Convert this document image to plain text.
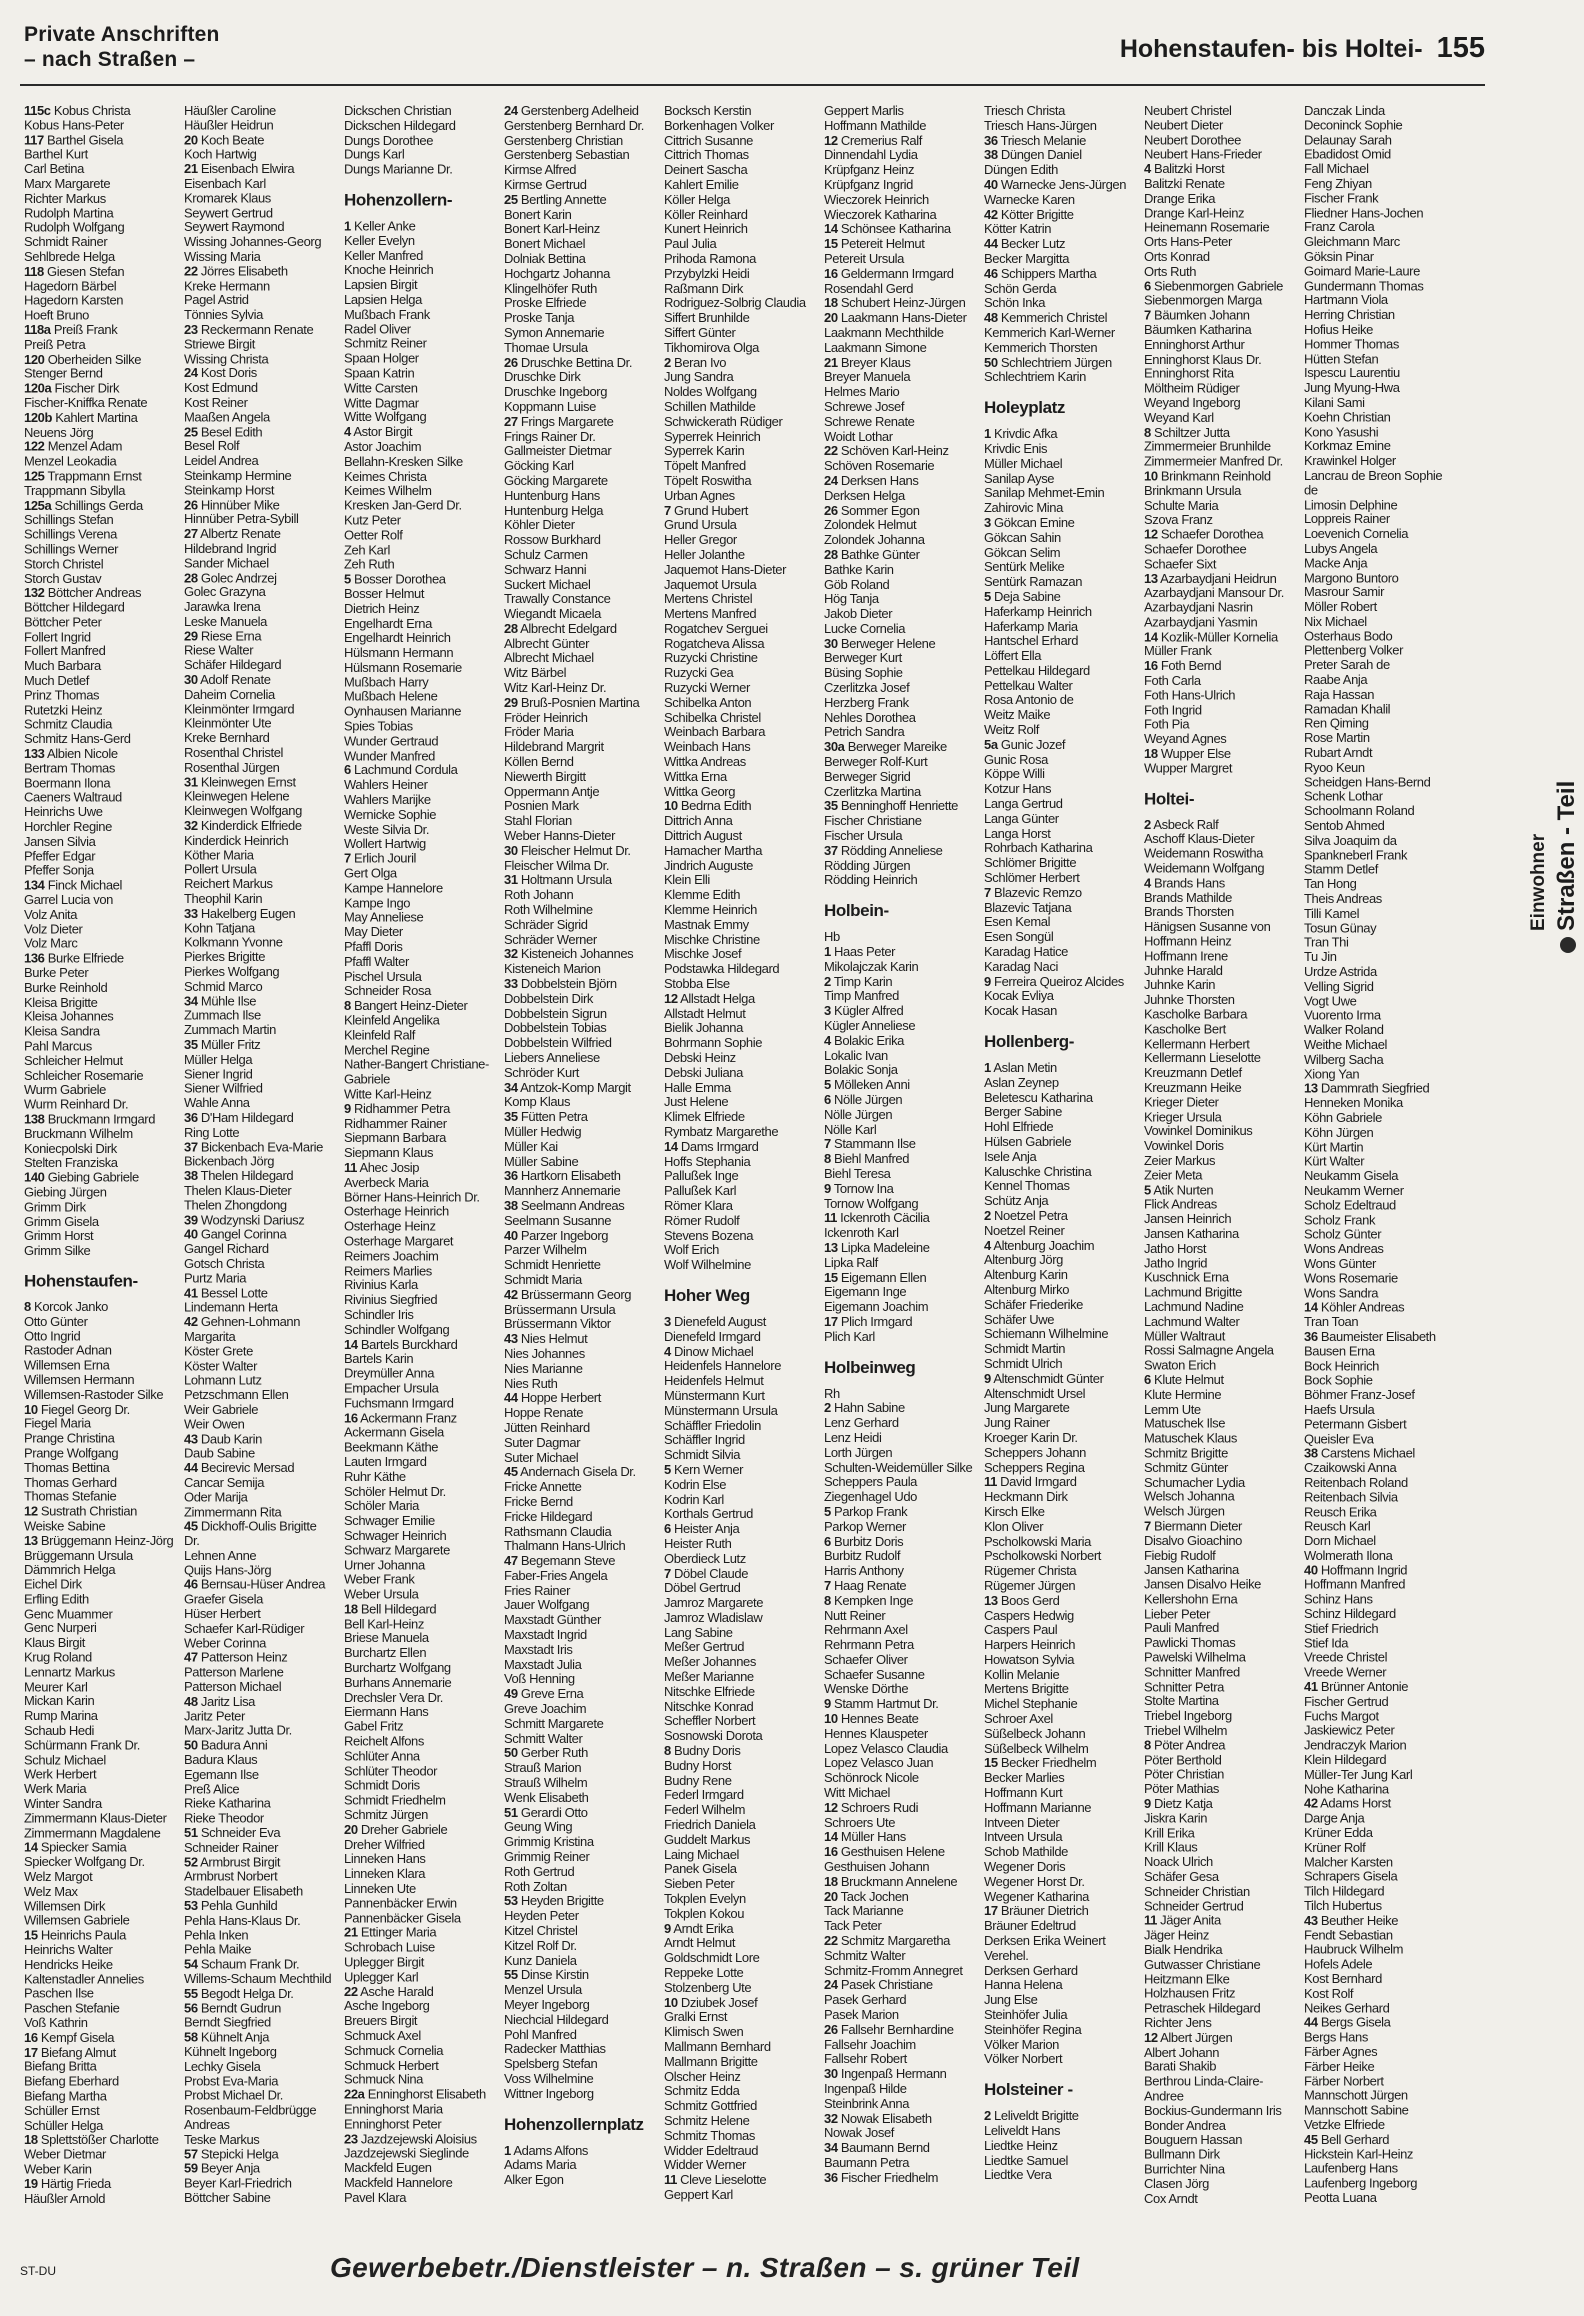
Private Anschriften
– nach Straßen –	Hohenstaufen- bis Holtei- 155
115c Kobus Christa
Kobus Hans-Peter
117 Barthel Gisela
Barthel Kurt
Carl Betina
Marx Margarete
Richter Markus
Rudolph Martina
Rudolph Wolfgang
Schmidt Rainer
Sehlbrede Helga
118 Giesen Stefan
Hagedorn Bärbel
Hagedorn Karsten
Hoeft Bruno
118a Preiß Frank
Preiß Petra
120 Oberheiden Silke
Stenger Bernd
120a Fischer Dirk
Fischer-Kniffka Renate
120b Kahlert Martina
Neuens Jörg
122 Menzel Adam
Menzel Leokadia
125 Trappmann Ernst
Trappmann Sibylla
125a Schillings Gerda
Schillings Stefan
Schillings Verena
Schillings Werner
Storch Christel
Storch Gustav
132 Böttcher Andreas
Böttcher Hildegard
Böttcher Peter
Follert Ingrid
Follert Manfred
Much Barbara
Much Detlef
Prinz Thomas
Rutetzki Heinz
Schmitz Claudia
Schmitz Hans-Gerd
133 Albien Nicole
Bertram Thomas
Boermann Ilona
Caeners Waltraud
Heinrichs Uwe
Horchler Regine
Jansen Silvia
Pfeffer Edgar
Pfeffer Sonja
134 Finck Michael
Garrel Lucia von
Volz Anita
Volz Dieter
Volz Marc
136 Burke Elfriede
Burke Peter
Burke Reinhold
Kleisa Brigitte
Kleisa Johannes
Kleisa Sandra
Pahl Marcus
Schleicher Helmut
Schleicher Rosemarie
Wurm Gabriele
Wurm Reinhard Dr.
138 Bruckmann Irmgard
Bruckmann Wilhelm
Koniecpolski Dirk
Stelten Franziska
140 Giebing Gabriele
Giebing Jürgen
Grimm Dirk
Grimm Gisela
Grimm Horst
Grimm Silke
Hohenstaufen-
8 Korcok Janko
Otto Günter
Otto Ingrid
Rastoder Adnan
Willemsen Erna
Willemsen Hermann
Willemsen-Rastoder Silke
10 Fiegel Georg Dr.
Fiegel Maria
Prange Christina
Prange Wolfgang
Thomas Bettina
Thomas Gerhard
Thomas Stefanie
12 Sustrath Christian
Weiske Sabine
13 Brüggemann Heinz-Jörg
Brüggemann Ursula
Dämmrich Helga
Eichel Dirk
Erfling Edith
Genc Muammer
Genc Nurperi
Klaus Birgit
Krug Roland
Lennartz Markus
Meurer Karl
Mickan Karin
Rump Marina
Schaub Hedi
Schürmann Frank Dr.
Schulz Michael
Werk Herbert
Werk Maria
Winter Sandra
Zimmermann Klaus-Dieter
Zimmermann Magdalene
14 Spiecker Samia
Spiecker Wolfgang Dr.
Welz Margot
Welz Max
Willemsen Dirk
Willemsen Gabriele
15 Heinrichs Paula
Heinrichs Walter
Hendricks Heike
Kaltenstadler Annelies
Paschen Ilse
Paschen Stefanie
Voß Kathrin
16 Kempf Gisela
17 Biefang Almut
Biefang Britta
Biefang Eberhard
Biefang Martha
Schüller Ernst
Schüller Helga
18 Splettstößer Charlotte
Weber Dietmar
Weber Karin
19 Härtig Frieda
Häußler Arnold
Häußler Caroline
Häußler Heidrun
20 Koch Beate
Koch Hartwig
21 Eisenbach Elwira
Eisenbach Karl
Kromarek Klaus
Seywert Gertrud
Seywert Raymond
Wissing Johannes-Georg
Wissing Maria
22 Jörres Elisabeth
Kreke Hermann
Pagel Astrid
Tönnies Sylvia
23 Reckermann Renate
Striewe Birgit
Wissing Christa
24 Kost Doris
Kost Edmund
Kost Reiner
Maaßen Angela
25 Besel Edith
Besel Rolf
Leidel Andrea
Steinkamp Hermine
Steinkamp Horst
26 Hinnüber Mike
Hinnüber Petra-Sybill
27 Albertz Renate
Hildebrand Ingrid
Sander Michael
28 Golec Andrzej
Golec Grazyna
Jarawka Irena
Leske Manuela
29 Riese Erna
Riese Walter
Schäfer Hildegard
30 Adolf Renate
Daheim Cornelia
Kleinmönter Irmgard
Kleinmönter Ute
Kreke Bernhard
Rosenthal Christel
Rosenthal Jürgen
31 Kleinwegen Ernst
Kleinwegen Helene
Kleinwegen Wolfgang
32 Kinderdick Elfriede
Kinderdick Heinrich
Köther Maria
Pollert Ursula
Reichert Markus
Theophil Karin
33 Hakelberg Eugen
Kohn Tatjana
Kolkmann Yvonne
Pierkes Brigitte
Pierkes Wolfgang
Schmid Marco
34 Mühle Ilse
Zummach Ilse
Zummach Martin
35 Müller Fritz
Müller Helga
Siener Ingrid
Siener Wilfried
Wahle Anna
36 D'Ham Hildegard
Ring Lotte
37 Bickenbach Eva-Marie
Bickenbach Jörg
38 Thelen Hildegard
Thelen Klaus-Dieter
Thelen Zhongdong
39 Wodzynski Dariusz
40 Gangel Corinna
Gangel Richard
Gotsch Christa
Purtz Maria
41 Bessel Lotte
Lindemann Herta
42 Gehnen-Lohmann
Margarita
Köster Grete
Köster Walter
Lohmann Lutz
Petzschmann Ellen
Weir Gabriele
Weir Owen
43 Daub Karin
Daub Sabine
44 Becirevic Mersad
Cancar Semija
Oder Marija
Zimmermann Rita
45 Dickhoff-Oulis Brigitte
Dr.
Lehnen Anne
Quijs Hans-Jörg
46 Bernsau-Hüser Andrea
Graefer Gisela
Hüser Herbert
Schaefer Karl-Rüdiger
Weber Corinna
47 Patterson Heinz
Patterson Marlene
Patterson Michael
48 Jaritz Lisa
Jaritz Peter
Marx-Jaritz Jutta Dr.
50 Badura Anni
Badura Klaus
Egemann Ilse
Preß Alice
Rieke Katharina
Rieke Theodor
51 Schneider Eva
Schneider Rainer
52 Armbrust Birgit
Armbrust Norbert
Stadelbauer Elisabeth
53 Pehla Gunhild
Pehla Hans-Klaus Dr.
Pehla Inken
Pehla Maike
54 Schaum Frank Dr.
Willems-Schaum Mechthild
55 Begodt Helga Dr.
56 Berndt Gudrun
Berndt Siegfried
58 Kühnelt Anja
Kühnelt Ingeborg
Lechky Gisela
Probst Eva-Maria
Probst Michael Dr.
Rosenbaum-Feldbrügge
Andreas
Teske Markus
57 Stepicki Helga
59 Beyer Anja
Beyer Karl-Friedrich
Böttcher Sabine
Dickschen Christian
Dickschen Hildegard
Dungs Dorothee
Dungs Karl
Dungs Marianne Dr.
Hohenzollern-
1 Keller Anke
Keller Evelyn
Keller Manfred
Knoche Heinrich
Lapsien Birgit
Lapsien Helga
Mußbach Frank
Radel Oliver
Schmitz Reiner
Spaan Holger
Spaan Katrin
Witte Carsten
Witte Dagmar
Witte Wolfgang
4 Astor Birgit
Astor Joachim
Bellahn-Kresken Silke
Keimes Christa
Keimes Wilhelm
Kresken Jan-Gerd Dr.
Kutz Peter
Oetter Rolf
Zeh Karl
Zeh Ruth
5 Bosser Dorothea
Bosser Helmut
Dietrich Heinz
Engelhardt Erna
Engelhardt Heinrich
Hülsmann Hermann
Hülsmann Rosemarie
Mußbach Harry
Mußbach Helene
Oynhausen Marianne
Spies Tobias
Wunder Gertraud
Wunder Manfred
6 Lachmund Cordula
Wahlers Heiner
Wahlers Marijke
Wernicke Sophie
Weste Silvia Dr.
Wollert Hartwig
7 Erlich Jouril
Gert Olga
Kampe Hannelore
Kampe Ingo
May Anneliese
May Dieter
Pfaffl Doris
Pfaffl Walter
Pischel Ursula
Schneider Rosa
8 Bangert Heinz-Dieter
Kleinfeld Angelika
Kleinfeld Ralf
Merchel Regine
Nather-Bangert Christiane-
Gabriele
Witte Karl-Heinz
9 Ridhammer Petra
Ridhammer Rainer
Siepmann Barbara
Siepmann Klaus
11 Ahec Josip
Averbeck Maria
Börner Hans-Heinrich Dr.
Osterhage Heinrich
Osterhage Heinz
Osterhage Margaret
Reimers Joachim
Reimers Marlies
Rivinius Karla
Rivinius Siegfried
Schindler Iris
Schindler Wolfgang
14 Bartels Burckhard
Bartels Karin
Dreymüller Anna
Empacher Ursula
Fuchsmann Irmgard
16 Ackermann Franz
Ackermann Gisela
Beekmann Käthe
Lauten Irmgard
Ruhr Käthe
Schöler Helmut Dr.
Schöler Maria
Schwager Emilie
Schwager Heinrich
Schwarz Margarete
Urner Johanna
Weber Frank
Weber Ursula
18 Bell Hildegard
Bell Karl-Heinz
Briese Manuela
Burchartz Ellen
Burchartz Wolfgang
Burhans Annemarie
Drechsler Vera Dr.
Eiermann Hans
Gabel Fritz
Reichelt Alfons
Schlüter Anna
Schlüter Theodor
Schmidt Doris
Schmidt Friedhelm
Schmitz Jürgen
20 Dreher Gabriele
Dreher Wilfried
Linneken Hans
Linneken Klara
Linneken Ute
Pannenbäcker Erwin
Pannenbäcker Gisela
21 Ettinger Maria
Schrobach Luise
Uplegger Birgit
Uplegger Karl
22 Asche Harald
Asche Ingeborg
Breuers Birgit
Schmuck Axel
Schmuck Cornelia
Schmuck Herbert
Schmuck Nina
22a Enninghorst Elisabeth
Enninghorst Maria
Enninghorst Peter
23 Jazdzejewski Aloisius
Jazdzejewski Sieglinde
Mackfeld Eugen
Mackfeld Hannelore
Pavel Klara
24 Gerstenberg Adelheid
Gerstenberg Bernhard Dr.
Gerstenberg Christian
Gerstenberg Sebastian
Kirmse Alfred
Kirmse Gertrud
25 Bertling Annette
Bonert Karin
Bonert Karl-Heinz
Bonert Michael
Dolniak Bettina
Hochgartz Johanna
Klingelhöfer Ruth
Proske Elfriede
Proske Tanja
Symon Annemarie
Thomae Ursula
26 Druschke Bettina Dr.
Druschke Dirk
Druschke Ingeborg
Koppmann Luise
27 Frings Margarete
Frings Rainer Dr.
Gallmeister Dietmar
Göcking Karl
Göcking Margarete
Huntenburg Hans
Huntenburg Helga
Köhler Dieter
Rossow Burkhard
Schulz Carmen
Schwarz Hanni
Suckert Michael
Trawally Constance
Wiegandt Micaela
28 Albrecht Edelgard
Albrecht Günter
Albrecht Michael
Witz Bärbel
Witz Karl-Heinz Dr.
29 Bruß-Posnien Martina
Fröder Heinrich
Fröder Maria
Hildebrand Margrit
Köllen Bernd
Niewerth Birgitt
Oppermann Antje
Posnien Mark
Stahl Florian
Weber Hanns-Dieter
30 Fleischer Helmut Dr.
Fleischer Wilma Dr.
31 Holtmann Ursula
Roth Johann
Roth Wilhelmine
Schräder Sigrid
Schräder Werner
32 Kisteneich Johannes
Kisteneich Marion
33 Dobbelstein Björn
Dobbelstein Dirk
Dobbelstein Sigrun
Dobbelstein Tobias
Dobbelstein Wilfried
Liebers Anneliese
Schröder Kurt
34 Antzok-Komp Margit
Komp Klaus
35 Fütten Petra
Müller Hedwig
Müller Kai
Müller Sabine
36 Hartkorn Elisabeth
Mannherz Annemarie
38 Seelmann Andreas
Seelmann Susanne
40 Parzer Ingeborg
Parzer Wilhelm
Schmidt Henriette
Schmidt Maria
42 Brüssermann Georg
Brüssermann Ursula
Brüssermann Viktor
43 Nies Helmut
Nies Johannes
Nies Marianne
Nies Ruth
44 Hoppe Herbert
Hoppe Renate
Jütten Reinhard
Suter Dagmar
Suter Michael
45 Andernach Gisela Dr.
Fricke Annette
Fricke Bernd
Fricke Hildegard
Rathsmann Claudia
Thalmann Hans-Ulrich
47 Begemann Steve
Faber-Fries Angela
Fries Rainer
Jauer Wolfgang
Maxstadt Günther
Maxstadt Ingrid
Maxstadt Iris
Maxstadt Julia
Voß Henning
49 Greve Erna
Greve Joachim
Schmitt Margarete
Schmitt Walter
50 Gerber Ruth
Strauß Marion
Strauß Wilhelm
Wenk Elisabeth
51 Gerardi Otto
Geung Wing
Grimmig Kristina
Grimmig Reiner
Roth Gertrud
Roth Zoltan
53 Heyden Brigitte
Heyden Peter
Kitzel Christel
Kitzel Rolf Dr.
Kunz Daniela
55 Dinse Kirstin
Menzel Ursula
Meyer Ingeborg
Niechcial Hildegard
Pohl Manfred
Radecker Matthias
Spelsberg Stefan
Voss Wilhelmine
Wittner Ingeborg
Hohenzollernplatz
1 Adams Alfons
Adams Maria
Alker Egon
Bocksch Kerstin
Borkenhagen Volker
Cittrich Susanne
Cittrich Thomas
Deinert Sascha
Kahlert Emilie
Köller Helga
Köller Reinhard
Kunert Heinrich
Paul Julia
Prihoda Ramona
Przybylzki Heidi
Raßmann Dirk
Rodriguez-Solbrig Claudia
Siffert Brunhilde
Siffert Günter
Tikhomirova Olga
2 Beran Ivo
Jung Sandra
Noldes Wolfgang
Schillen Mathilde
Schwickerath Rüdiger
Syperrek Heinrich
Syperrek Karin
Töpelt Manfred
Töpelt Roswitha
Urban Agnes
7 Grund Hubert
Grund Ursula
Heller Gregor
Heller Jolanthe
Jaquemot Hans-Dieter
Jaquemot Ursula
Mertens Christel
Mertens Manfred
Rogatchev Serguei
Rogatcheva Alissa
Ruzycki Christine
Ruzycki Gea
Ruzycki Werner
Schibelka Anton
Schibelka Christel
Weinbach Barbara
Weinbach Hans
Wittka Andreas
Wittka Erna
Wittka Georg
10 Bedrna Edith
Dittrich Anna
Dittrich August
Hamacher Martha
Jindrich Auguste
Klein Elli
Klemme Edith
Klemme Heinrich
Mastnak Emmy
Mischke Christine
Mischke Josef
Podstawka Hildegard
Stobba Else
12 Allstadt Helga
Allstadt Helmut
Bielik Johanna
Bohrmann Sophie
Debski Heinz
Debski Juliana
Halle Emma
Just Helene
Klimek Elfriede
Rymbatz Margarethe
14 Dams Irmgard
Hoffs Stephania
Pallußek Inge
Pallußek Karl
Römer Klara
Römer Rudolf
Stevens Bozena
Wolf Erich
Wolf Wilhelmine
Hoher Weg
3 Dienefeld August
Dienefeld Irmgard
4 Dinow Michael
Heidenfels Hannelore
Heidenfels Helmut
Münstermann Kurt
Münstermann Ursula
Schäffler Friedolin
Schäffler Ingrid
Schmidt Silvia
5 Kern Werner
Kodrin Else
Kodrin Karl
Korthals Gertrud
6 Heister Anja
Heister Ruth
Oberdieck Lutz
7 Döbel Claude
Döbel Gertrud
Jamroz Margarete
Jamroz Wladislaw
Lang Sabine
Meßer Gertrud
Meßer Johannes
Meßer Marianne
Nitschke Elfriede
Nitschke Konrad
Scheffler Norbert
Sosnowski Dorota
8 Budny Doris
Budny Horst
Budny Rene
Federl Irmgard
Federl Wilhelm
Friedrich Daniela
Guddelt Markus
Laing Michael
Panek Gisela
Sieben Peter
Tokplen Evelyn
Tokplen Kokou
9 Arndt Erika
Arndt Helmut
Goldschmidt Lore
Reppeke Lotte
Stolzenberg Ute
10 Dziubek Josef
Gralki Ernst
Klimisch Swen
Mallmann Bernhard
Mallmann Brigitte
Olscher Heinz
Schmitz Edda
Schmitz Gottfried
Schmitz Helene
Schmitz Thomas
Widder Edeltraud
Widder Werner
11 Cleve Lieselotte
Geppert Karl
Geppert Marlis
Hoffmann Mathilde
12 Cremerius Ralf
Dinnendahl Lydia
Krüpfganz Heinz
Krüpfganz Ingrid
Wieczorek Heinrich
Wieczorek Katharina
14 Schönsee Katharina
15 Petereit Helmut
Petereit Ursula
16 Geldermann Irmgard
Rosendahl Gerd
18 Schubert Heinz-Jürgen
20 Laakmann Hans-Dieter
Laakmann Mechthilde
Laakmann Simone
21 Breyer Klaus
Breyer Manuela
Helmes Mario
Schrewe Josef
Schrewe Renate
Woidt Lothar
22 Schöven Karl-Heinz
Schöven Rosemarie
24 Derksen Hans
Derksen Helga
26 Sommer Egon
Zolondek Helmut
Zolondek Johanna
28 Bathke Günter
Bathke Karin
Göb Roland
Hög Tanja
Jakob Dieter
Lucke Cornelia
30 Berweger Helene
Berweger Kurt
Büsing Sophie
Czerlitzka Josef
Herzberg Frank
Nehles Dorothea
Petrich Sandra
30a Berweger Mareike
Berweger Rolf-Kurt
Berweger Sigrid
Czerlitzka Martina
35 Benninghoff Henriette
Fischer Christiane
Fischer Ursula
37 Rödding Anneliese
Rödding Jürgen
Rödding Heinrich
Holbein-
Hb
1 Haas Peter
Mikolajczak Karin
2 Timp Karin
Timp Manfred
3 Kügler Alfred
Kügler Anneliese
4 Bolakic Erika
Lokalic Ivan
Bolakic Sonja
5 Mölleken Anni
6 Nölle Jürgen
Nölle Jürgen
Nölle Karl
7 Stammann Ilse
8 Biehl Manfred
Biehl Teresa
9 Tornow Ina
Tornow Wolfgang
11 Ickenroth Cäcilia
Ickenroth Karl
13 Lipka Madeleine
Lipka Ralf
15 Eigemann Ellen
Eigemann Inge
Eigemann Joachim
17 Plich Irmgard
Plich Karl
Holbeinweg
Rh
2 Hahn Sabine
Lenz Gerhard
Lenz Heidi
Lorth Jürgen
Schulten-Weidemüller Silke
Scheppers Paula
Ziegenhagel Udo
5 Parkop Frank
Parkop Werner
6 Burbitz Doris
Burbitz Rudolf
Harris Anthony
7 Haag Renate
8 Kempken Inge
Nutt Reiner
Rehrmann Axel
Rehrmann Petra
Schaefer Oliver
Schaefer Susanne
Wenske Dörthe
9 Stamm Hartmut Dr.
10 Hennes Beate
Hennes Klauspeter
Lopez Velasco Claudia
Lopez Velasco Juan
Schönrock Nicole
Witt Michael
12 Schroers Rudi
Schroers Ute
14 Müller Hans
16 Gesthuisen Helene
Gesthuisen Johann
18 Bruckmann Annelene
20 Tack Jochen
Tack Marianne
Tack Peter
22 Schmitz Margaretha
Schmitz Walter
Schmitz-Fromm Annegret
24 Pasek Christiane
Pasek Gerhard
Pasek Marion
26 Fallsehr Bernhardine
Fallsehr Joachim
Fallsehr Robert
30 Ingenpaß Hermann
Ingenpaß Hilde
Steinbrink Anna
32 Nowak Elisabeth
Nowak Josef
34 Baumann Bernd
Baumann Petra
36 Fischer Friedhelm
Triesch Christa
Triesch Hans-Jürgen
36 Triesch Melanie
38 Düngen Daniel
Düngen Edith
40 Warnecke Jens-Jürgen
Warnecke Karen
42 Kötter Brigitte
Kötter Katrin
44 Becker Lutz
Becker Margitta
46 Schippers Martha
Schön Gerda
Schön Inka
48 Kemmerich Christel
Kemmerich Karl-Werner
Kemmerich Thorsten
50 Schlechtriem Jürgen
Schlechtriem Karin
Holeyplatz
1 Krivdic Afka
Krivdic Enis
Müller Michael
Sanilap Ayse
Sanilap Mehmet-Emin
Zahirovic Mina
3 Gökcan Emine
Gökcan Sahin
Gökcan Selim
Sentürk Melike
Sentürk Ramazan
5 Deja Sabine
Haferkamp Heinrich
Haferkamp Maria
Hantschel Erhard
Löffert Ella
Pettelkau Hildegard
Pettelkau Walter
Rosa Antonio de
Weitz Maike
Weitz Rolf
5a Gunic Jozef
Gunic Rosa
Köppe Willi
Kotzur Hans
Langa Gertrud
Langa Günter
Langa Horst
Rohrbach Katharina
Schlömer Brigitte
Schlömer Herbert
7 Blazevic Remzo
Blazevic Tatjana
Esen Kemal
Esen Songül
Karadag Hatice
Karadag Naci
9 Ferreira Queiroz Alcides
Kocak Evliya
Kocak Hasan
Hollenberg-
1 Aslan Metin
Aslan Zeynep
Beletescu Katharina
Berger Sabine
Hohl Elfriede
Hülsen Gabriele
Isele Anja
Kaluschke Christina
Kennel Thomas
Schütz Anja
2 Noetzel Petra
Noetzel Reiner
4 Altenburg Joachim
Altenburg Jörg
Altenburg Karin
Altenburg Mirko
Schäfer Friederike
Schäfer Uwe
Schiemann Wilhelmine
Schmidt Martin
Schmidt Ulrich
9 Altenschmidt Günter
Altenschmidt Ursel
Jung Margarete
Jung Rainer
Kroeger Karin Dr.
Scheppers Johann
Scheppers Regina
11 David Irmgard
Heckmann Dirk
Kirsch Elke
Klon Oliver
Pscholkowski Maria
Pscholkowski Norbert
Rügemer Christa
Rügemer Jürgen
13 Boos Gerd
Caspers Hedwig
Caspers Paul
Harpers Heinrich
Howatson Sylvia
Kollin Melanie
Mertens Brigitte
Michel Stephanie
Schroer Axel
Süßelbeck Johann
Süßelbeck Wilhelm
15 Becker Friedhelm
Becker Marlies
Hoffmann Kurt
Hoffmann Marianne
Intveen Dieter
Intveen Ursula
Schob Mathilde
Wegener Doris
Wegener Horst Dr.
Wegener Katharina
17 Bräuner Dietrich
Bräuner Edeltrud
Derksen Erika Weinert
Verehel.
Derksen Gerhard
Hanna Helena
Jung Else
Steinhöfer Julia
Steinhöfer Regina
Völker Marion
Völker Norbert
Holsteiner -
2 Leliveldt Brigitte
Leliveldt Hans
Liedtke Heinz
Liedtke Samuel
Liedtke Vera
Neubert Christel
Neubert Dieter
Neubert Dorothee
Neubert Hans-Frieder
4 Balitzki Horst
Balitzki Renate
Drange Erika
Drange Karl-Heinz
Heinemann Rosemarie
Orts Hans-Peter
Orts Konrad
Orts Ruth
6 Siebenmorgen Gabriele
Siebenmorgen Marga
7 Bäumken Johann
Bäumken Katharina
Enninghorst Arthur
Enninghorst Klaus Dr.
Enninghorst Rita
Möltheim Rüdiger
Weyand Ingeborg
Weyand Karl
8 Schiltzer Jutta
Zimmermeier Brunhilde
Zimmermeier Manfred Dr.
10 Brinkmann Reinhold
Brinkmann Ursula
Schulte Maria
Szova Franz
12 Schaefer Dorothea
Schaefer Dorothee
Schaefer Sixt
13 Azarbaydjani Heidrun
Azarbaydjani Mansour Dr.
Azarbaydjani Nasrin
Azarbaydjani Yasmin
14 Kozlik-Müller Kornelia
Müller Frank
16 Foth Bernd
Foth Carla
Foth Hans-Ulrich
Foth Ingrid
Foth Pia
Weyand Agnes
18 Wupper Else
Wupper Margret
Holtei-
2 Asbeck Ralf
Aschoff Klaus-Dieter
Weidemann Roswitha
Weidemann Wolfgang
4 Brands Hans
Brands Mathilde
Brands Thorsten
Hänigsen Susanne von
Hoffmann Heinz
Hoffmann Irene
Juhnke Harald
Juhnke Karin
Juhnke Thorsten
Kascholke Barbara
Kascholke Bert
Kellermann Herbert
Kellermann Lieselotte
Kreuzmann Detlef
Kreuzmann Heike
Krieger Dieter
Krieger Ursula
Vowinkel Dominikus
Vowinkel Doris
Zeier Markus
Zeier Meta
5 Atik Nurten
Flick Andreas
Jansen Heinrich
Jansen Katharina
Jatho Horst
Jatho Ingrid
Kuschnick Erna
Lachmund Brigitte
Lachmund Nadine
Lachmund Walter
Müller Waltraut
Rossi Salmagne Angela
Swaton Erich
6 Klute Helmut
Klute Hermine
Lemm Ute
Matuschek Ilse
Matuschek Klaus
Schmitz Brigitte
Schmitz Günter
Schumacher Lydia
Welsch Johanna
Welsch Jürgen
7 Biermann Dieter
Disalvo Gioachino
Fiebig Rudolf
Jansen Katharina
Jansen Disalvo Heike
Kellershohn Erna
Lieber Peter
Pauli Manfred
Pawlicki Thomas
Pawelski Wilhelma
Schnitter Manfred
Schnitter Petra
Stolte Martina
Triebel Ingeborg
Triebel Wilhelm
8 Pöter Andrea
Pöter Berthold
Pöter Christian
Pöter Mathias
9 Dietz Katja
Jiskra Karin
Krill Erika
Krill Klaus
Noack Ulrich
Schäfer Gesa
Schneider Christian
Schneider Gertrud
11 Jäger Anita
Jäger Heinz
Bialk Hendrika
Gutwasser Christiane
Heitzmann Elke
Holzhausen Fritz
Petraschek Hildegard
Richter Jens
12 Albert Jürgen
Albert Johann
Barati Shakib
Berthrou Linda-Claire-
Andree
Bockius-Gundermann Iris
Bonder Andrea
Bouguern Hassan
Bullmann Dirk
Burrichter Nina
Clasen Jörg
Cox Arndt
Danczak Linda
Deconinck Sophie
Delaunay Sarah
Ebadidost Omid
Fall Michael
Feng Zhiyan
Fischer Frank
Fliedner Hans-Jochen
Franz Carola
Gleichmann Marc
Göksin Pinar
Goimard Marie-Laure
Gundermann Thomas
Hartmann Viola
Herring Christian
Hofius Heike
Hommer Thomas
Hütten Stefan
Ispescu Laurentiu
Jung Myung-Hwa
Kilani Sami
Koehn Christian
Kono Yasushi
Korkmaz Emine
Krawinkel Holger
Lancrau de Breon Sophie
de
Limosin Delphine
Loppreis Rainer
Loevenich Cornelia
Lubys Angela
Macke Anja
Margono Buntoro
Masrour Samir
Möller Robert
Nix Michael
Osterhaus Bodo
Plettenberg Volker
Preter Sarah de
Raabe Anja
Raja Hassan
Ramadan Khalil
Ren Qiming
Rose Martin
Rubart Arndt
Ryoo Keun
Scheidgen Hans-Bernd
Schenk Lothar
Schoolmann Roland
Sentob Ahmed
Silva Joaquim da
Spankneberl Frank
Stamm Detlef
Tan Hong
Theis Andreas
Tilli Kamel
Tosun Günay
Tran Thi
Tu Jin
Urdze Astrida
Velling Sigrid
Vogt Uwe
Vuorento Irma
Walker Roland
Weithe Michael
Wilberg Sacha
Xiong Yan
13 Dammrath Siegfried
Henneken Monika
Köhn Gabriele
Köhn Jürgen
Kürt Martin
Kürt Walter
Neukamm Gisela
Neukamm Werner
Scholz Edeltraud
Scholz Frank
Scholz Günter
Wons Andreas
Wons Günter
Wons Rosemarie
Wons Sandra
14 Köhler Andreas
Tran Toan
36 Baumeister Elisabeth
Bausen Erna
Bock Heinrich
Bock Sophie
Böhmer Franz-Josef
Haefs Ursula
Petermann Gisbert
Queisler Eva
38 Carstens Michael
Czaikowski Anna
Reitenbach Roland
Reitenbach Silvia
Reusch Erika
Reusch Karl
Dorn Michael
Wolmerath Ilona
40 Hoffmann Ingrid
Hoffmann Manfred
Schinz Hans
Schinz Hildegard
Stief Friedrich
Stief Ida
Vreede Christel
Vreede Werner
41 Brünner Antonie
Fischer Gertrud
Fuchs Margot
Jaskiewicz Peter
Jendraczyk Marion
Klein Hildegard
Müller-Ter Jung Karl
Nohe Katharina
42 Adams Horst
Darge Anja
Krüner Edda
Krüner Rolf
Malcher Karsten
Schrapers Gisela
Tilch Hildegard
Tilch Hubertus
43 Beuther Heike
Fendt Sebastian
Haubruck Wilhelm
Hofels Adele
Kost Bernhard
Kost Rolf
Neikes Gerhard
44 Bergs Gisela
Bergs Hans
Färber Agnes
Färber Heike
Färber Norbert
Mannschott Jürgen
Mannschott Sabine
Vetzke Elfriede
45 Bell Gerhard
Hickstein Karl-Heinz
Laufenberg Hans
Laufenberg Ingeborg
Peotta Luana
Einwohner Straßen - Teil
Gewerbebetr./Dienstleister – n. Straßen – s. grüner Teil
ST-DU
